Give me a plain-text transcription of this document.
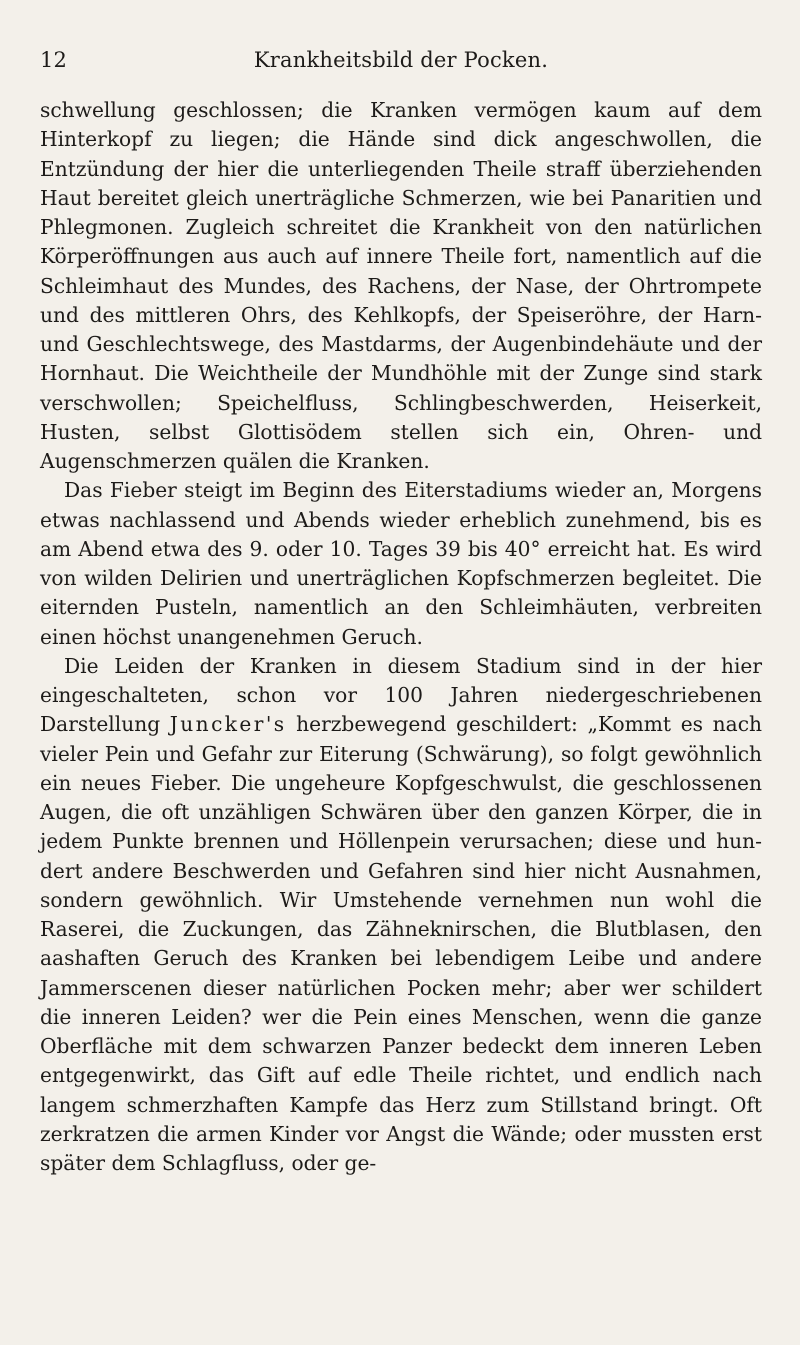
12	Krankheitsbild der Pocken.

schwellung geschlossen; die Kranken vermögen kaum auf dem Hinterkopf zu liegen; die Hände sind dick angeschwollen, die Entzündung der hier die unterliegenden Theile straff überziehenden Haut bereitet gleich unerträgliche Schmerzen, wie bei Panaritien und Phlegmonen. Zugleich schreitet die Krankheit von den natürlichen Körperöffnungen aus auch auf innere Theile fort, namentlich auf die Schleimhaut des Mundes, des Rachens, der Nase, der Ohrtrompete und des mittleren Ohrs, des Kehlkopfs, der Speiseröhre, der Harn- und Geschlechtswege, des Mastdarms, der Augenbindehäute und der Hornhaut. Die Weichtheile der Mundhöhle mit der Zunge sind stark verschwollen; Speichelfluss, Schlingbeschwerden, Heiserkeit, Husten, selbst Glottisödem stellen sich ein, Ohren- und Augenschmerzen quälen die Kranken.

Das Fieber steigt im Beginn des Eiterstadiums wieder an, Morgens etwas nachlassend und Abends wieder erheblich zunehmend, bis es am Abend etwa des 9. oder 10. Tages 39 bis 40° erreicht hat. Es wird von wilden Delirien und unerträglichen Kopfschmerzen begleitet. Die eiternden Pusteln, namentlich an den Schleimhäuten, verbreiten einen höchst unangenehmen Geruch.

Die Leiden der Kranken in diesem Stadium sind in der hier eingeschalteten, schon vor 100 Jahren niedergeschriebenen Darstellung Juncker's herzbewegend geschildert: „Kommt es nach vieler Pein und Gefahr zur Eiterung (Schwärung), so folgt gewöhnlich ein neues Fieber. Die ungeheure Kopfgeschwulst, die geschlossenen Augen, die oft unzähligen Schwären über den ganzen Körper, die in jedem Punkte brennen und Höllenpein verursachen; diese und hundert andere Beschwerden und Gefahren sind hier nicht Ausnahmen, sondern gewöhnlich. Wir Umstehende vernehmen nun wohl die Raserei, die Zuckungen, das Zähneknirschen, die Blutblasen, den aashaften Geruch des Kranken bei lebendigem Leibe und andere Jammerscenen dieser natürlichen Pocken mehr; aber wer schildert die inneren Leiden? wer die Pein eines Menschen, wenn die ganze Oberfläche mit dem schwarzen Panzer bedeckt dem inneren Leben entgegenwirkt, das Gift auf edle Theile richtet, und endlich nach langem schmerzhaften Kampfe das Herz zum Stillstand bringt. Oft zerkratzen die armen Kinder vor Angst die Wände; oder mussten erst später dem Schlagfluss, oder ge-
